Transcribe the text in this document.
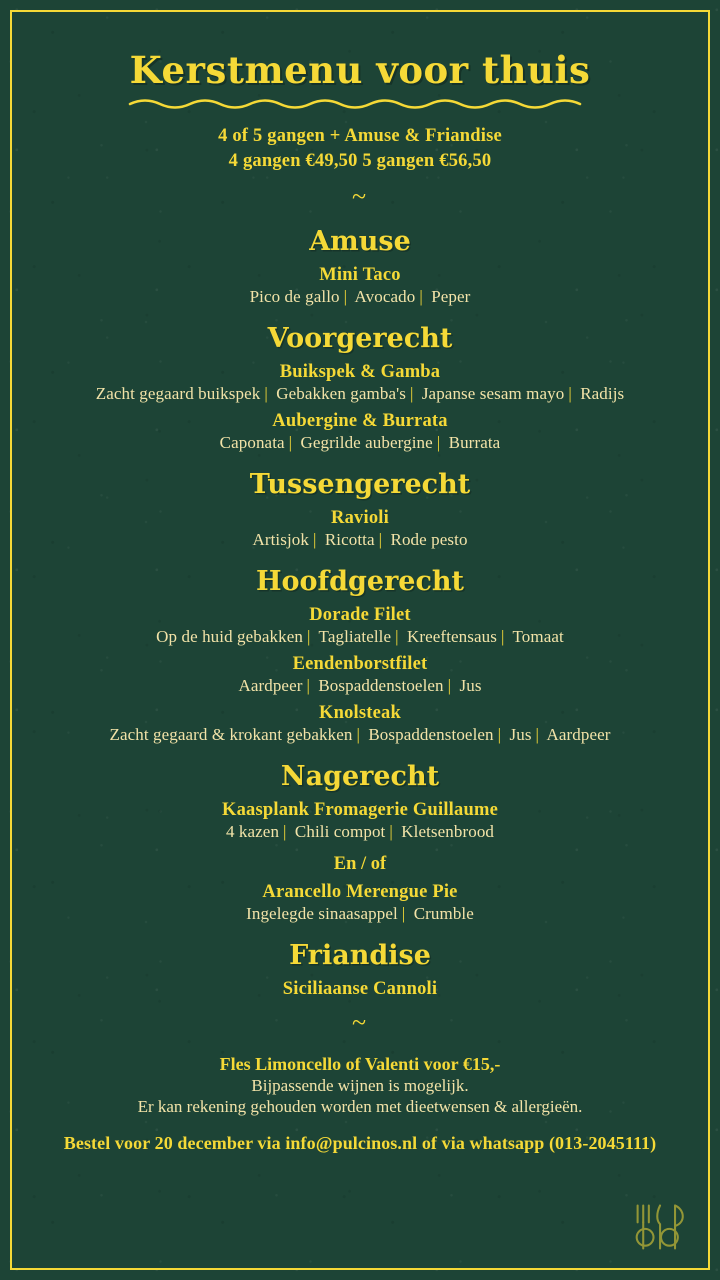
Kerstmenu voor thuis
4 of 5 gangen + Amuse & Friandise
4 gangen €49,50 5 gangen €56,50
~
Amuse
Mini Taco
Pico de gallo | Avocado | Peper
Voorgerecht
Buikspek & Gamba
Zacht gegaard buikspek | Gebakken gamba's | Japanse sesam mayo | Radijs
Aubergine & Burrata
Caponata | Gegrilde aubergine | Burrata
Tussengerecht
Ravioli
Artisjok | Ricotta | Rode pesto
Hoofdgerecht
Dorade Filet
Op de huid gebakken | Tagliatelle | Kreeftensaus | Tomaat
Eendenborstfilet
Aardpeer | Bospaddenstoelen | Jus
Knolsteak
Zacht gegaard & krokant gebakken | Bospaddenstoelen | Jus | Aardpeer
Nagerecht
Kaasplank Fromagerie Guillaume
4 kazen | Chili compot | Kletsenbrood
En / of
Arancello Merengue Pie
Ingelegde sinaasappel | Crumble
Friandise
Siciliaanse Cannoli
~
Fles Limoncello of Valenti voor €15,-
Bijpassende wijnen is mogelijk.
Er kan rekening gehouden worden met dieetwensen & allergieën.
Bestel voor 20 december via info@pulcinos.nl of via whatsapp (013-2045111)
